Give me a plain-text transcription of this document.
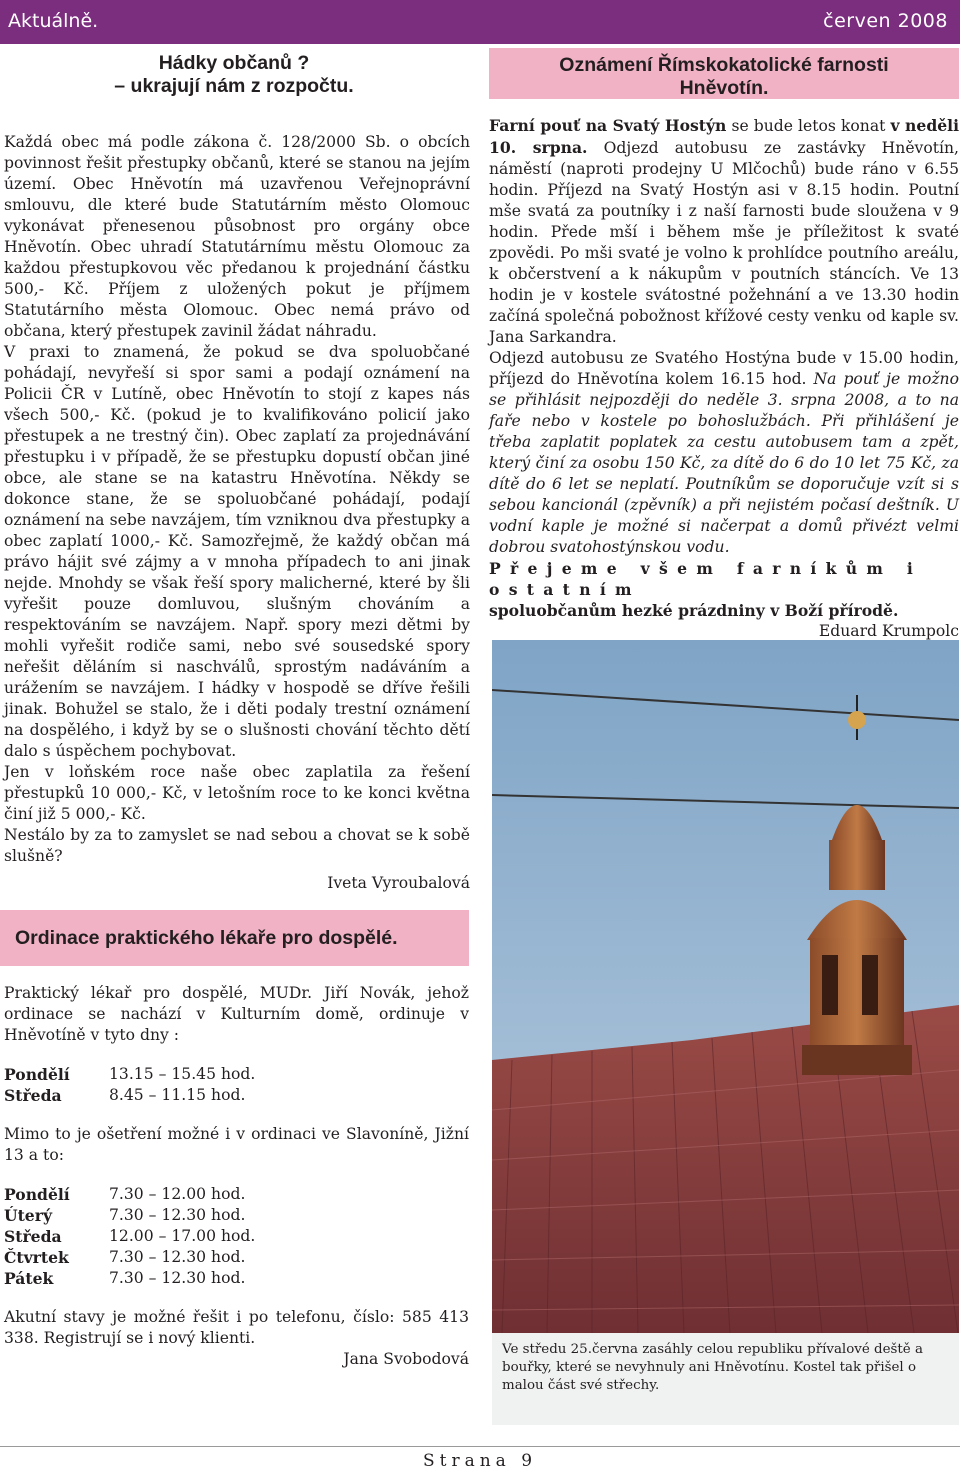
Aktuálně.	červen 2008
Hádky občanů ?
– ukrajují nám z rozpočtu.

Každá obec má podle zákona č. 128/2000 Sb. o obcích povinnost řešit přestupky občanů, které se stanou na jejím území. Obec Hněvotín má uzavřenou Veřejnoprávní smlouvu, dle které bude Statutárním město Olomouc vykonávat přenesenou působnost pro orgány obce Hněvotín. Obec uhradí Statutárnímu městu Olomouc za každou přestupkovou věc předanou k projednání částku 500,- Kč. Příjem z uložených pokut je příjmem Statutárního města Olomouc. Obec nemá právo od občana, který přestupek zavinil žádat náhradu.

V praxi to znamená, že pokud se dva spoluobčané pohádají, nevyřeší si spor sami a podají oznámení na Policii ČR v Lutíně, obec Hněvotín to stojí z kapes nás všech 500,- Kč. (pokud je to kvalifikováno policií jako přestupek a ne trestný čin). Obec zaplatí za projednávání přestupku i v případě, že se přestupku dopustí občan jiné obce, ale stane se na katastru Hněvotína. Někdy se dokonce stane, že se spoluobčané pohádají, podají oznámení na sebe navzájem, tím vzniknou dva přestupky a obec zaplatí 1000,- Kč. Samozřejmě, že každý občan má právo hájit své zájmy a v mnoha případech to ani jinak nejde. Mnohdy se však řeší spory malicherné, které by šli vyřešit pouze domluvou, slušným chováním a respektováním se navzájem. Např. spory mezi dětmi by mohli vyřešit rodiče sami, nebo své sousedské spory neřešit děláním si naschválů, sprostým nadáváním a urážením se navzájem. I hádky v hospodě se dříve řešili jinak. Bohužel se stalo, že i děti podaly trestní oznámení na dospělého, i když by se o slušnosti chování těchto dětí dalo s úspěchem pochybovat.

Jen v loňském roce naše obec zaplatila za řešení přestupků 10 000,- Kč, v letošním roce to ke konci května činí již 5 000,- Kč.

Nestálo by za to zamyslet se nad sebou a chovat se k sobě slušně?

Iveta Vyroubalová
Oznámení Římskokatolické farnosti
Hněvotín.

Farní pouť na Svatý Hostýn se bude letos konat v neděli 10. srpna. Odjezd autobusu ze zastávky Hněvotín, náměstí (naproti prodejny U Mlčochů) bude ráno v 6.55 hodin. Příjezd na Svatý Hostýn asi v 8.15 hodin. Poutní mše svatá za poutníky i z naší farnosti bude sloužena v 9 hodin. Přede mší i během mše je příležitost k svaté zpovědi. Po mši svaté je volno k prohlídce poutního areálu, k občerstvení a k nákupům v poutních stáncích. Ve 13 hodin je v kostele svátostné požehnání a ve 13.30 hodin začíná společná pobožnost křížové cesty venku od kaple sv. Jana Sarkandra.

Odjezd autobusu ze Svatého Hostýna bude v 15.00 hodin, příjezd do Hněvotína kolem 16.15 hod. Na pouť je možno se přihlásit nejpozději do neděle 3. srpna 2008, a to na faře nebo v kostele po bohoslužbách. Při přihlášení je třeba zaplatit poplatek za cestu autobusem tam a zpět, který činí za osobu 150 Kč, za dítě do 6 do 10 let 75 Kč, za dítě do 6 let se neplatí. Poutníkům se doporučuje vzít si s sebou kancionál (zpěvník) a při nejistém počasí deštník. U vodní kaple je možné si načerpat a domů přivézt velmi dobrou svatohostýnskou vodu.

Přejeme všem farníkům i ostatním

spoluobčanům hezké prázdniny v Boží přírodě.

Eduard Krumpolc
Ve středu 25.června zasáhly celou republiku přívalové deště a bouřky, které se nevyhnuly ani Hněvotínu. Kostel tak přišel o malou část své střechy.
Ordinace praktického lékaře pro dospělé.

Praktický lékař pro dospělé, MUDr. Jiří Novák, jehož ordinace se nachází v Kulturním domě, ordinuje v Hněvotíně v tyto dny :

Pondělí	13.15 – 15.45 hod.
Středa	8.45 – 11.15 hod.

Mimo to je ošetření možné i v ordinaci ve Slavoníně, Jižní 13 a to:

Pondělí	7.30 – 12.00 hod.
Úterý	7.30 – 12.30 hod.
Středa	12.00 – 17.00 hod.
Čtvrtek	7.30 – 12.30 hod.
Pátek	7.30 – 12.30 hod.

Akutní stavy je možné řešit i po telefonu, číslo: 585 413 338. Registrují se i nový klienti.

Jana Svobodová
Strana 9
